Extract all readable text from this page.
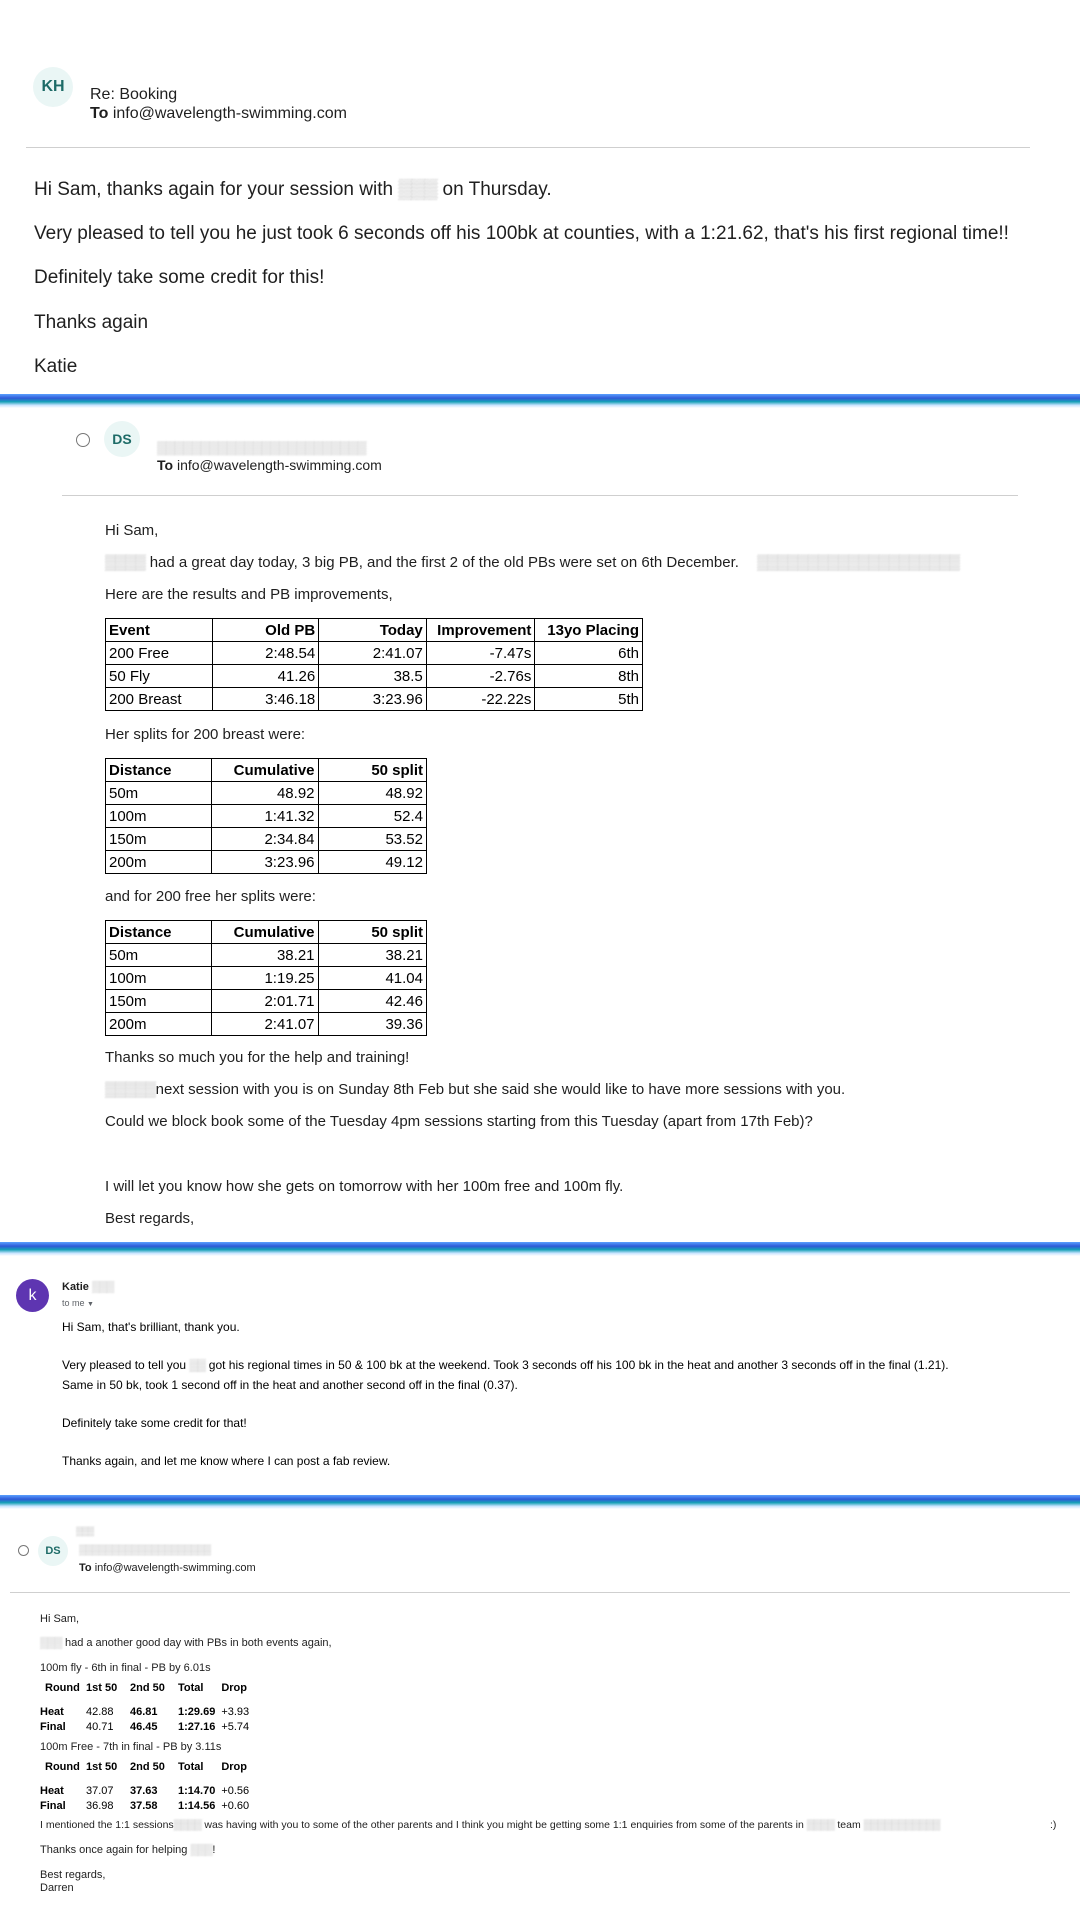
KH	Re: Booking
To info@wavelength-swimming.com
Hi Sam, thanks again for your session with ▒▒▒ on Thursday.
Very pleased to tell you he just took 6 seconds off his 100bk at counties, with a 1:21.62, that's his first regional time!!
Definitely take some credit for this!
Thanks again
Katie
DS
▒▒▒▒▒▒▒▒▒▒▒▒▒▒▒▒▒▒▒▒▒▒▒▒
To info@wavelength-swimming.com
Hi Sam,
▒▒▒▒ had a great day today, 3 big PB, and the first 2 of the old PBs were set on 6th December. ▒▒▒▒▒▒▒▒▒▒▒▒▒▒▒▒▒▒▒▒
Here are the results and PB improvements,
Event	Old PB	Today	Improvement	13yo Placing
200 Free	2:48.54	2:41.07	-7.47s	6th
50 Fly	41.26	38.5	-2.76s	8th
200 Breast	3:46.18	3:23.96	-22.22s	5th
Her splits for 200 breast were:
Distance	Cumulative	50 split
50m	48.92	48.92
100m	1:41.32	52.4
150m	2:34.84	53.52
200m	3:23.96	49.12
and for 200 free her splits were:
Distance	Cumulative	50 split
50m	38.21	38.21
100m	1:19.25	41.04
150m	2:01.71	42.46
200m	2:41.07	39.36
Thanks so much you for the help and training!
▒▒▒▒▒next session with you is on Sunday 8th Feb but she said she would like to have more sessions with you.
Could we block book some of the Tuesday 4pm sessions starting from this Tuesday (apart from 17th Feb)?
I will let you know how she gets on tomorrow with her 100m free and 100m fly.
Best regards,
k	Katie ▒▒▒
to me ▼
Hi Sam, that's brilliant, thank you.
Very pleased to tell you ▒▒ got his regional times in 50 & 100 bk at the weekend. Took 3 seconds off his 100 bk in the heat and another 3 seconds off in the final (1.21).
Same in 50 bk, took 1 second off in the heat and another second off in the final (0.37).
Definitely take some credit for that!
Thanks again, and let me know where I can post a fab review.
▒▒▒
DS	▒▒▒▒▒▒▒▒▒▒▒▒▒▒▒▒▒▒▒▒
To info@wavelength-swimming.com
Hi Sam,
▒▒▒ had a another good day with PBs in both events again,
100m fly - 6th in final - PB by 6.01s
Round	1st 50	2nd 50	Total	Drop

Heat	42.88	46.81	1:29.69	+3.93
Final	40.71	46.45	1:27.16	+5.74
100m Free - 7th in final - PB by 3.11s
Round	1st 50	2nd 50	Total	Drop

Heat	37.07	37.63	1:14.70	+0.56
Final	36.98	37.58	1:14.56	+0.60
I mentioned the 1:1 sessions▒▒▒▒ was having with you to some of the other parents and I think you might be getting some 1:1 enquiries from some of the parents in ▒▒▒▒ team ▒▒▒▒▒▒▒▒▒▒▒	:)
Thanks once again for helping ▒▒▒!
Best regards,
Darren
